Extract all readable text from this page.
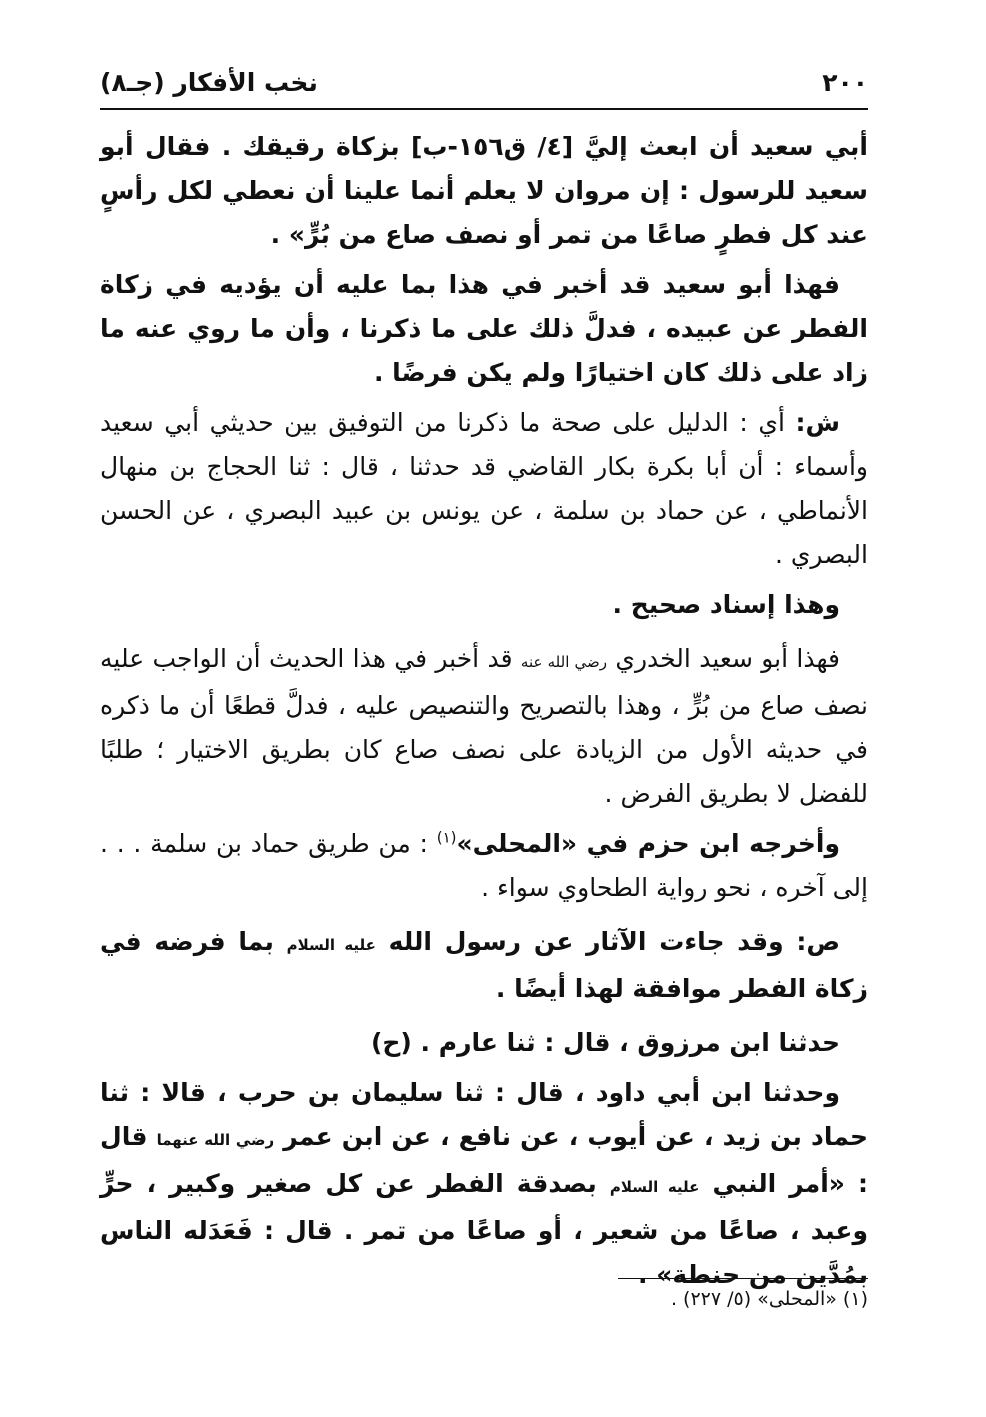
نخب الأفكار (جـ٨)	٢٠٠

أبي سعيد أن ابعث إليَّ [٤/ ق١٥٦-ب] بزكاة رقيقك . فقال أبو سعيد للرسول : إن مروان لا يعلم أنما علينا أن نعطي لكل رأسٍ عند كل فطرٍ صاعًا من تمر أو نصف صاع من بُرٍّ» .

فهذا أبو سعيد قد أخبر في هذا بما عليه أن يؤديه في زكاة الفطر عن عبيده ، فدلَّ ذلك على ما ذكرنا ، وأن ما روي عنه ما زاد على ذلك كان اختيارًا ولم يكن فرضًا .

ش: أي : الدليل على صحة ما ذكرنا من التوفيق بين حديثي أبي سعيد وأسماء : أن أبا بكرة بكار القاضي قد حدثنا ، قال : ثنا الحجاج بن منهال الأنماطي ، عن حماد بن سلمة ، عن يونس بن عبيد البصري ، عن الحسن البصري .

وهذا إسناد صحيح .

فهذا أبو سعيد الخدري رضي الله عنه قد أخبر في هذا الحديث أن الواجب عليه نصف صاع من بُرٍّ ، وهذا بالتصريح والتنصيص عليه ، فدلَّ قطعًا أن ما ذكره في حديثه الأول من الزيادة على نصف صاع كان بطريق الاختيار ؛ طلبًا للفضل لا بطريق الفرض .

وأخرجه ابن حزم في «المحلى»$^{(١)}$ : من طريق حماد بن سلمة . . . إلى آخره ، نحو رواية الطحاوي سواء .

ص: وقد جاءت الآثار عن رسول الله عليه السلام بما فرضه في زكاة الفطر موافقة لهذا أيضًا .

حدثنا ابن مرزوق ، قال : ثنا عارم . (ح)

وحدثنا ابن أبي داود ، قال : ثنا سليمان بن حرب ، قالا : ثنا حماد بن زيد ، عن أيوب ، عن نافع ، عن ابن عمر رضي الله عنهما قال : «أمر النبي عليه السلام بصدقة الفطر عن كل صغير وكبير ، حرٍّ وعبد ، صاعًا من شعير ، أو صاعًا من تمر . قال : فَعَدَله الناس بمُدَّين من حنطة» .

(١) «المحلى» (٥/ ٢٢٧) .
